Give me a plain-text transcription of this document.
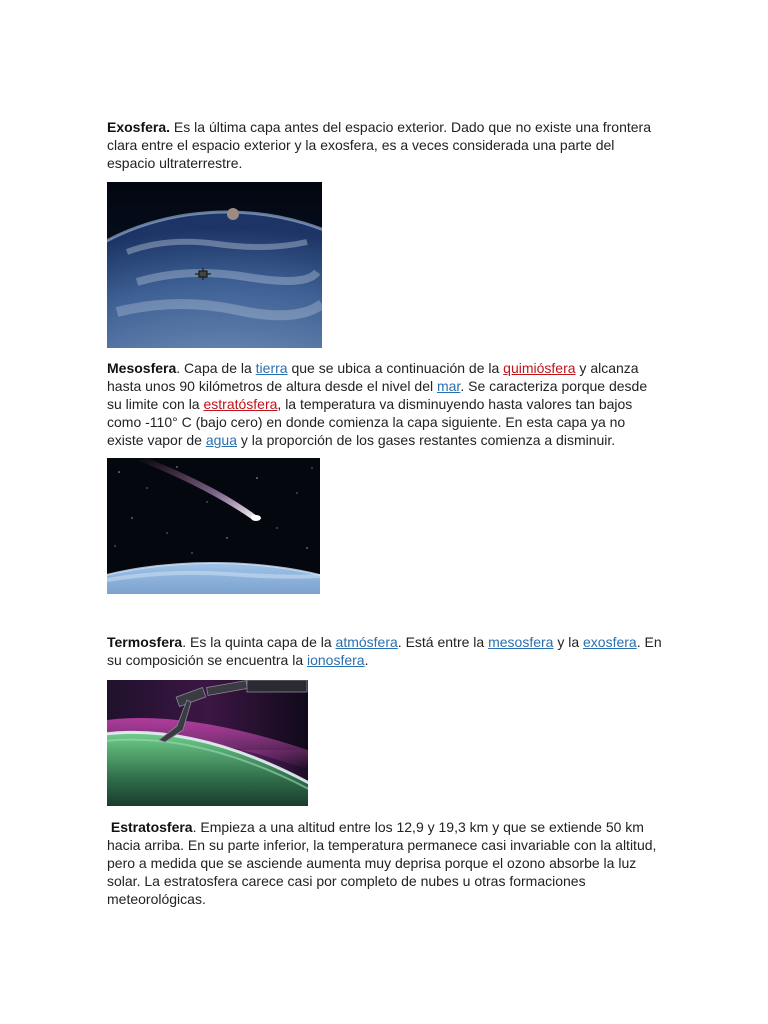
Exosfera. Es la última capa antes del espacio exterior. Dado que no existe una frontera clara entre el espacio exterior y la exosfera, es a veces considerada una parte del espacio ultraterrestre.

Mesosfera. Capa de la tierra que se ubica a continuación de la quimiósfera y alcanza hasta unos 90 kilómetros de altura desde el nivel del mar. Se caracteriza porque desde su limite con la estratósfera, la temperatura va disminuyendo hasta valores tan bajos como -110° C (bajo cero) en donde comienza la capa siguiente. En esta capa ya no existe vapor de agua y la proporción de los gases restantes comienza a disminuir.

Termosfera. Es la quinta capa de la atmósfera. Está entre la mesosfera y la exosfera. En su composición se encuentra la ionosfera.

Estratosfera. Empieza a una altitud entre los 12,9 y 19,3 km y que se extiende 50 km hacia arriba. En su parte inferior, la temperatura permanece casi invariable con la altitud, pero a medida que se asciende aumenta muy deprisa porque el ozono absorbe la luz solar. La estratosfera carece casi por completo de nubes u otras formaciones meteorológicas.
